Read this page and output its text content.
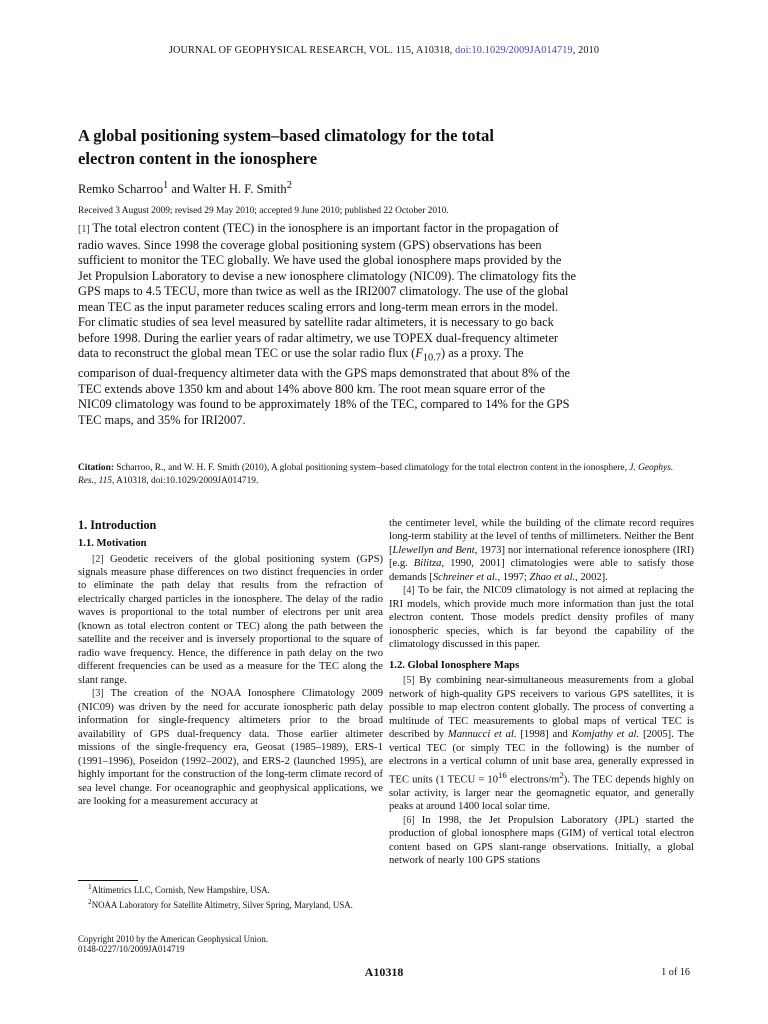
JOURNAL OF GEOPHYSICAL RESEARCH, VOL. 115, A10318, doi:10.1029/2009JA014719, 2010
A global positioning system–based climatology for the total
electron content in the ionosphere
Remko Scharroo$^1$ and Walter H. F. Smith$^2$
Received 3 August 2009; revised 29 May 2010; accepted 9 June 2010; published 22 October 2010.

[1] The total electron content (TEC) in the ionosphere is an important factor in the propagation of radio waves. Since 1998 the coverage global positioning system (GPS) observations has been sufficient to monitor the TEC globally. We have used the global ionosphere maps provided by the Jet Propulsion Laboratory to devise a new ionosphere climatology (NIC09). The climatology fits the GPS maps to 4.5 TECU, more than twice as well as the IRI2007 climatology. The use of the global mean TEC as the input parameter reduces scaling errors and long-term mean errors in the model. For climatic studies of sea level measured by satellite radar altimeters, it is necessary to go back before 1998. During the earlier years of radar altimetry, we use TOPEX dual-frequency altimeter data to reconstruct the global mean TEC or use the solar radio flux $(F_{10.7})$ as a proxy. The comparison of dual-frequency altimeter data with the GPS maps demonstrated that about 8% of the TEC extends above 1350 km and about 14% above 800 km. The root mean square error of the NIC09 climatology was found to be approximately 18% of the TEC, compared to 14% for the GPS TEC maps, and 35% for IRI2007.

Citation: Scharroo, R., and W. H. F. Smith (2010), A global positioning system–based climatology for the total electron content in the ionosphere, J. Geophys. Res., 115, A10318, doi:10.1029/2009JA014719.

1. Introduction
1.1. Motivation

[2] Geodetic receivers of the global positioning system (GPS) signals measure phase differences on two distinct frequencies in order to eliminate the path delay that results from the refraction of electrically charged particles in the ionosphere. The delay of the radio waves is proportional to the total number of electrons per unit area (known as total electron content or TEC) along the path between the satellite and the receiver and is inversely proportional to the square of radio wave frequency. Hence, the difference in path delay on the two different frequencies can be used as a measure for the TEC along the slant range.

[3] The creation of the NOAA Ionosphere Climatology 2009 (NIC09) was driven by the need for accurate ionospheric path delay information for single-frequency altimeters prior to the broad availability of GPS dual-frequency data. Those earlier altimeter missions of the single-frequency era, Geosat (1985–1989), ERS-1 (1991–1996), Poseidon (1992–2002), and ERS-2 (launched 1995), are highly important for the construction of the long-term climate record of sea level change. For oceanographic and geophysical applications, we are looking for a measurement accuracy at

$^1$Altimetrics LLC, Cornish, New Hampshire, USA.

$^2$NOAA Laboratory for Satellite Altimetry, Silver Spring, Maryland, USA.

Copyright 2010 by the American Geophysical Union.
0148-0227/10/2009JA014719

the centimeter level, while the building of the climate record requires long-term stability at the level of tenths of millimeters. Neither the Bent [Llewellyn and Bent, 1973] nor international reference ionosphere (IRI) [e.g. Bilitza, 1990, 2001] climatologies were able to satisfy those demands [Schreiner et al., 1997; Zhao et al., 2002].

[4] To be fair, the NIC09 climatology is not aimed at replacing the IRI models, which provide much more information than just the total electron content. Those models predict density profiles of many ionospheric species, which is far beyond the capability of the climatology discussed in this paper.

1.2. Global Ionosphere Maps

[5] By combining near-simultaneous measurements from a global network of high-quality GPS receivers to various GPS satellites, it is possible to map electron content globally. The process of converting a multitude of TEC measurements to global maps of vertical TEC is described by Mannucci et al. [1998] and Komjathy et al. [2005]. The vertical TEC (or simply TEC in the following) is the number of electrons in a vertical column of unit base area, generally expressed in TEC units (1 TECU = $10^{16}$ electrons/$m^2$). The TEC depends highly on solar activity, is larger near the geomagnetic equator, and generally peaks at around 1400 local solar time.

[6] In 1998, the Jet Propulsion Laboratory (JPL) started the production of global ionosphere maps (GIM) of vertical total electron content based on GPS slant-range observations. Initially, a global network of nearly 100 GPS stations

A10318	1 of 16
